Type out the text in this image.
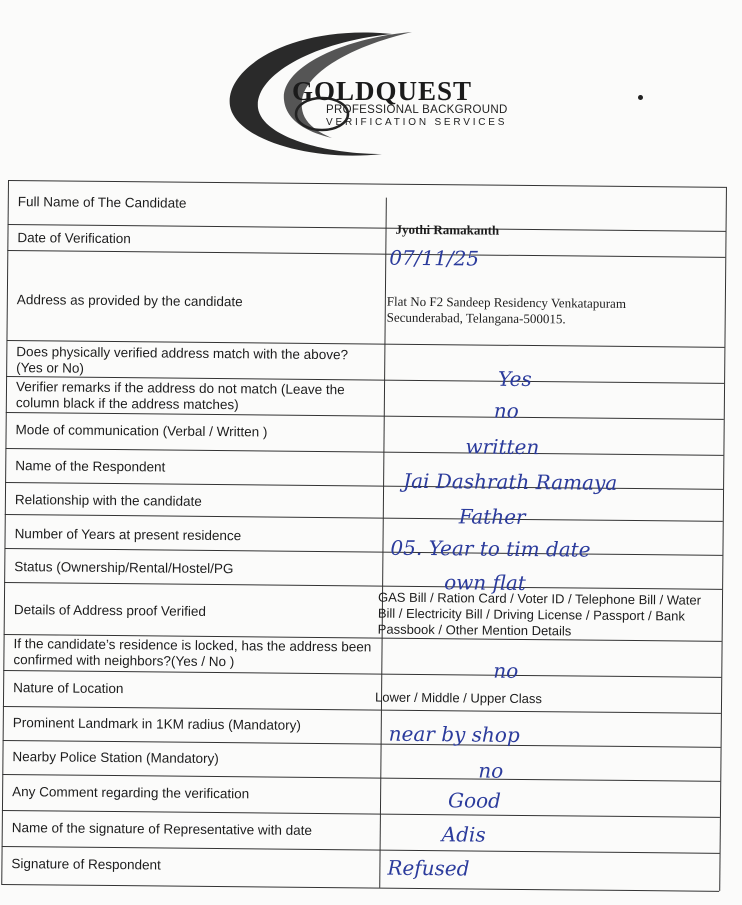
GOLDQUEST
PROFESSIONAL BACKGROUND
VERIFICATION SERVICES
Full Name of The Candidate
Date of Verification
Address as provided by the candidate
Does physically verified address match with the above? (Yes or No)
Verifier remarks if the address do not match (Leave the column black if the address matches)
Mode of communication (Verbal / Written )
Name of the Respondent
Relationship with the candidate
Number of Years at present residence
Status (Ownership/Rental/Hostel/PG
Details of Address proof Verified
If the candidate’s residence is locked, has the address been confirmed with neighbors?(Yes / No )
Nature of Location
Prominent Landmark in 1KM radius (Mandatory)
Nearby Police Station (Mandatory)
Any Comment regarding the verification
Name of the signature of Representative with date
Signature of Respondent
Jyothi Ramakanth
07/11/25
Flat No F2 Sandeep Residency Venkatapuram Secunderabad, Telangana-500015.
Yes
no
written
Jai Dashrath Ramaya
Father
05. Year to tim date
own flat
GAS Bill / Ration Card / Voter ID / Telephone Bill / Water Bill / Electricity Bill / Driving License / Passport / Bank Passbook / Other Mention Details
no
Lower / Middle / Upper Class
near by shop
no
Good
Adis
Refused
